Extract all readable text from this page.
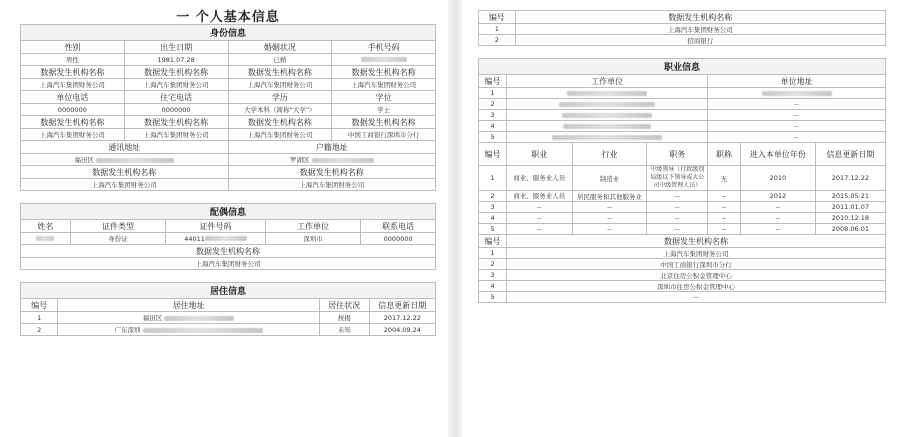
一 个人基本信息
身份信息			
性别	出生日期	婚姻状况	手机号码
男性	1981.07.28	已婚	
数据发生机构名称	数据发生机构名称	数据发生机构名称	数据发生机构名称
上海汽车集团财务公司	上海汽车集团财务公司	上海汽车集团财务公司	上海汽车集团财务公司
单位电话	住宅电话	学历	学位
0000000	0000000	大学本科（简称“大学”）	学士
数据发生机构名称	数据发生机构名称	数据发生机构名称	数据发生机构名称
上海汽车集团财务公司	上海汽车集团财务公司	上海汽车集团财务公司	中国工商银行深圳市分行
通讯地址		户籍地址	
福田区		罗湖区	
数据发生机构名称		数据发生机构名称	
上海汽车集团财务公司		上海汽车集团财务公司	
配偶信息				
姓名	证件类型	证件号码	工作单位	联系电话
	身份证	44011	深圳市	0000000
数据发生机构名称				
上海汽车集团财务公司				
居住信息			
编号	居住地址	居住状况	信息更新日期
1	福田区	按揭	2017.12.22
2	广东深圳	未知	2004.09.24
编号	数据发生机构名称
1	上海汽车集团财务公司
2	招商银行
职业信息						
编号	工作单位			单位地址		
1						
2				--		
3				--		
4				--		
5				--		
编号	职业	行业	职务	职称	进入本单位年份	信息更新日期
1	商业、服务业人员	制造业	中级领导（行政级别局级以下领导或大公司中级管理人员）	无	2010	2017.12.22
2	商业、服务业人员	居民服务和其他服务业	--	--	2012	2015.05.21
3	--	--	--	--	--	2011.01.07
4	--	--	--	--	--	2010.12.18
5	--	--	--	--	--	2008.06.01
编号	数据发生机构名称					
1	上海汽车集团财务公司					
2	中国工商银行深圳市分行					
3	北京住房公积金管理中心					
4	深圳市住房公积金管理中心					
5	--					
